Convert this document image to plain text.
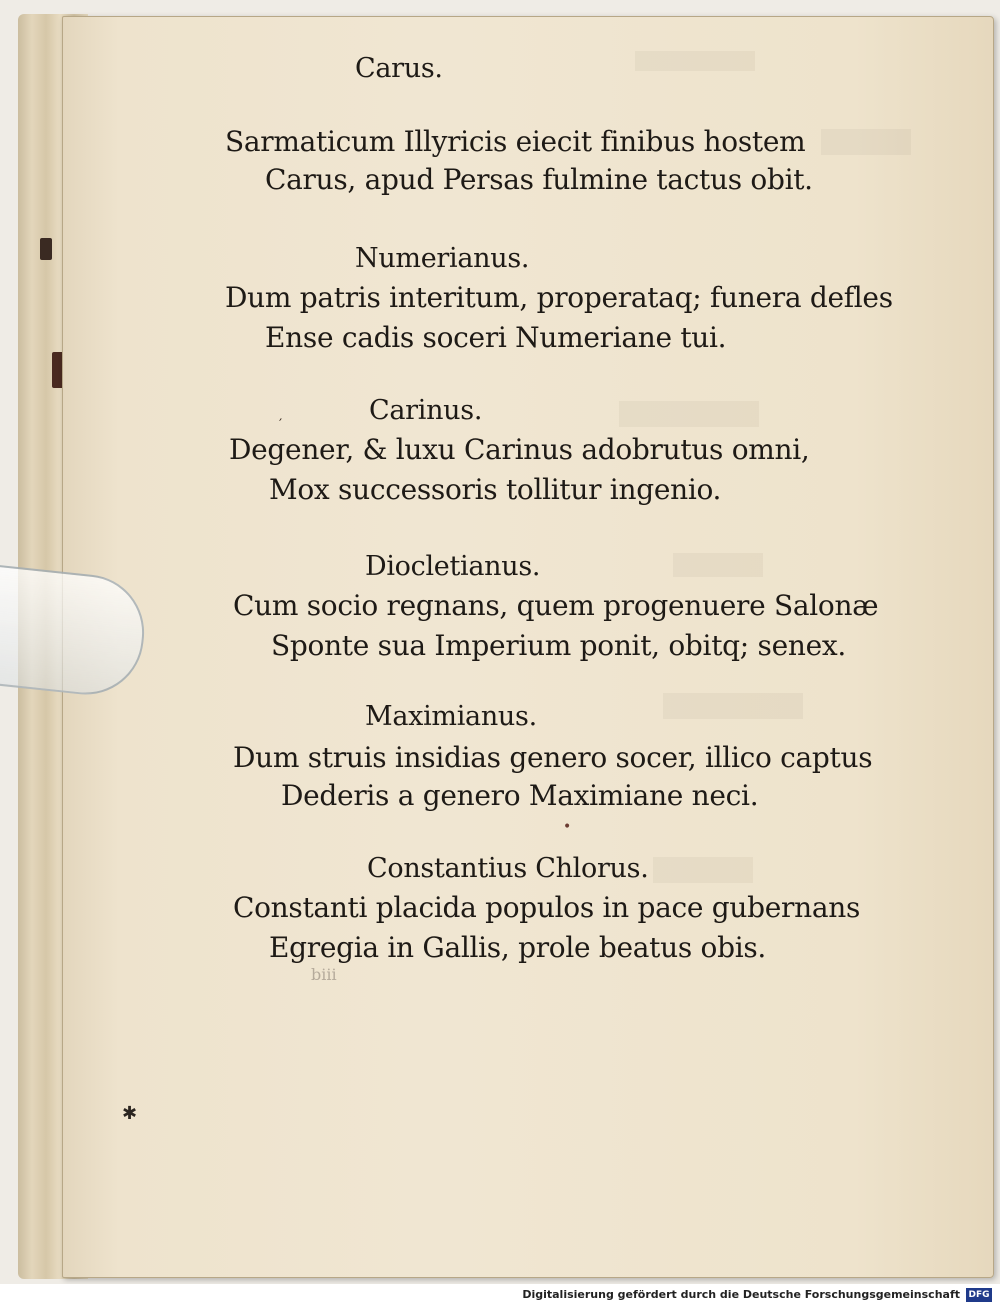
Carus.
Sarmaticum Illyricis eiecit finibus hostem
Carus, apud Persas fulmine tactus obit.
Numerianus.
Dum patris interitum, properataq; funera defles
Ense cadis soceri Numeriane tui.
Carinus.
Degener, & luxu Carinus adobrutus omni,
Mox successoris tollitur ingenio.
Diocletianus.
Cum socio regnans, quem progenuere Salonæ
Sponte sua Imperium ponit, obitq; senex.
Maximianus.
Dum struis insidias genero socer, illico captus
Dederis a genero Maximiane neci.
Constantius Chlorus.
Constanti placida populos in pace gubernans
Egregia in Gallis, prole beatus obis.
biii
•
′
✱
Digitalisierung gefördert durch die Deutsche Forschungsgemeinschaft DFG
